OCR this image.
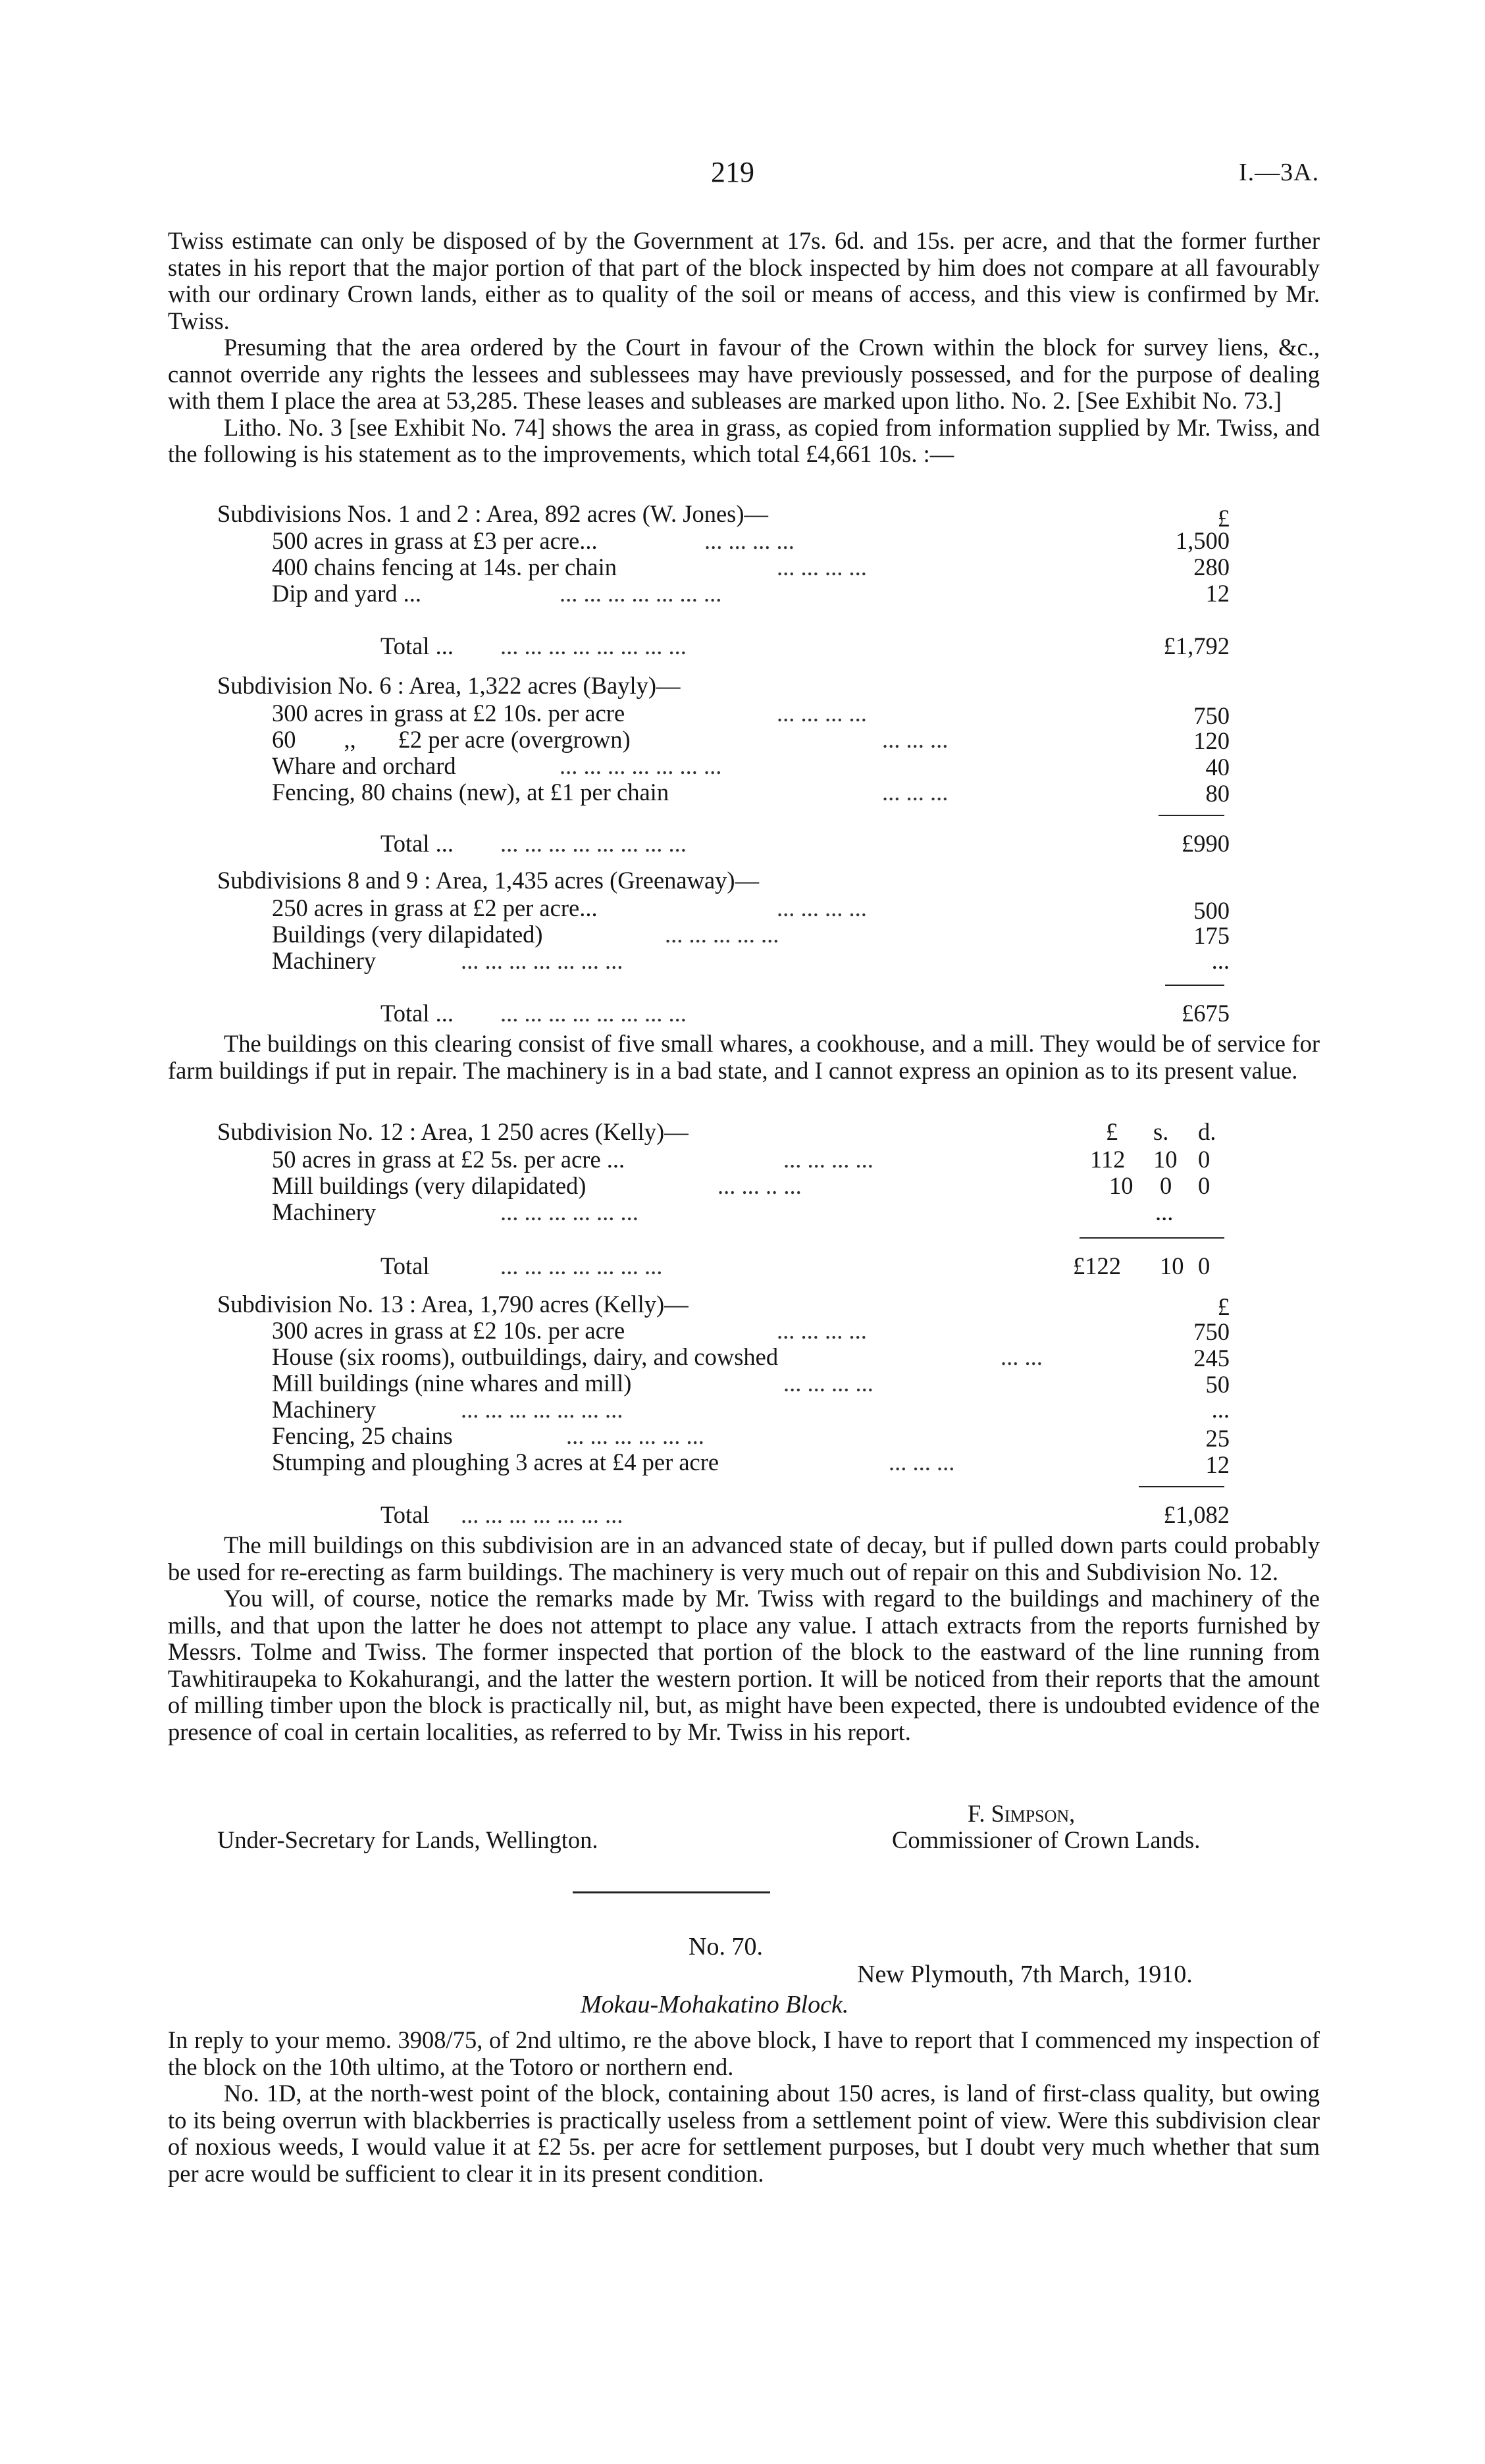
219	I.—3A.

Twiss estimate can only be disposed of by the Government at 17s. 6d. and 15s. per acre, and that the former further states in his report that the major portion of that part of the block inspected by him does not compare at all favourably with our ordinary Crown lands, either as to quality of the soil or means of access, and this view is confirmed by Mr. Twiss.

Presuming that the area ordered by the Court in favour of the Crown within the block for survey liens, &c., cannot override any rights the lessees and sublessees may have previously possessed, and for the purpose of dealing with them I place the area at 53,285. These leases and subleases are marked upon litho. No. 2. [See Exhibit No. 73.]

Litho. No. 3 [see Exhibit No. 74] shows the area in grass, as copied from information supplied by Mr. Twiss, and the following is his statement as to the improvements, which total £4,661 10s. :—

Subdivisions Nos. 1 and 2 : Area, 892 acres (W. Jones)—	£
500 acres in grass at £3 per acre...	... ... ... ...	1,500
400 chains fencing at 14s. per chain	... ... ... ...	280
Dip and yard ...	... ... ... ... ... ... ...	12
Total ... ... ... ... ... ... ... ... ...	£1,792
Subdivision No. 6 : Area, 1,322 acres (Bayly)—
300 acres in grass at £2 10s. per acre	... ... ... ...	750
60        ,,       £2 per acre (overgrown)	... ... ...	120
Whare and orchard	... ... ... ... ... ... ...	40
Fencing, 80 chains (new), at £1 per chain	... ... ...	80
Total ... ... ... ... ... ... ... ... ...	£990
Subdivisions 8 and 9 : Area, 1,435 acres (Greenaway)—
250 acres in grass at £2 per acre...	... ... ... ...	500
Buildings (very dilapidated)	... ... ... ... ...	175
Machinery	... ... ... ... ... ... ...	...
Total ... ... ... ... ... ... ... ... ...	£675

The buildings on this clearing consist of five small whares, a cookhouse, and a mill. They would be of service for farm buildings if put in repair. The machinery is in a bad state, and I cannot express an opinion as to its present value.

Subdivision No. 12 : Area, 1 250 acres (Kelly)—	£ s. d.
50 acres in grass at £2 5s. per acre ...	... ... ... ...	112 10 0
Mill buildings (very dilapidated)	... ... .. ...	10 0 0
Machinery	... ... ... ... ... ...	...
Total	... ... ... ... ... ... ...	£122 10 0
Subdivision No. 13 : Area, 1,790 acres (Kelly)—	£
300 acres in grass at £2 10s. per acre	... ... ... ...	750
House (six rooms), outbuildings, dairy, and cowshed	... ...	245
Mill buildings (nine whares and mill)	... ... ... ...	50
Machinery	... ... ... ... ... ... ...	...
Fencing, 25 chains	... ... ... ... ... ...	25
Stumping and ploughing 3 acres at £4 per acre	... ... ...	12
Total ... ... ... ... ... ... ...	£1,082

The mill buildings on this subdivision are in an advanced state of decay, but if pulled down parts could probably be used for re-erecting as farm buildings. The machinery is very much out of repair on this and Subdivision No. 12.

You will, of course, notice the remarks made by Mr. Twiss with regard to the buildings and machinery of the mills, and that upon the latter he does not attempt to place any value. I attach extracts from the reports furnished by Messrs. Tolme and Twiss. The former inspected that portion of the block to the eastward of the line running from Tawhitiraupeka to Kokahurangi, and the latter the western portion. It will be noticed from their reports that the amount of milling timber upon the block is practically nil, but, as might have been expected, there is undoubted evidence of the presence of coal in certain localities, as referred to by Mr. Twiss in his report.

F. Simpson,
Commissioner of Crown Lands.
Under-Secretary for Lands, Wellington.
No. 70.
New Plymouth, 7th March, 1910.
Mokau-Mohakatino Block.

In reply to your memo. 3908/75, of 2nd ultimo, re the above block, I have to report that I commenced my inspection of the block on the 10th ultimo, at the Totoro or northern end.

No. 1D, at the north-west point of the block, containing about 150 acres, is land of first-class quality, but owing to its being overrun with blackberries is practically useless from a settlement point of view. Were this subdivision clear of noxious weeds, I would value it at £2 5s. per acre for settlement purposes, but I doubt very much whether that sum per acre would be sufficient to clear it in its present condition.
